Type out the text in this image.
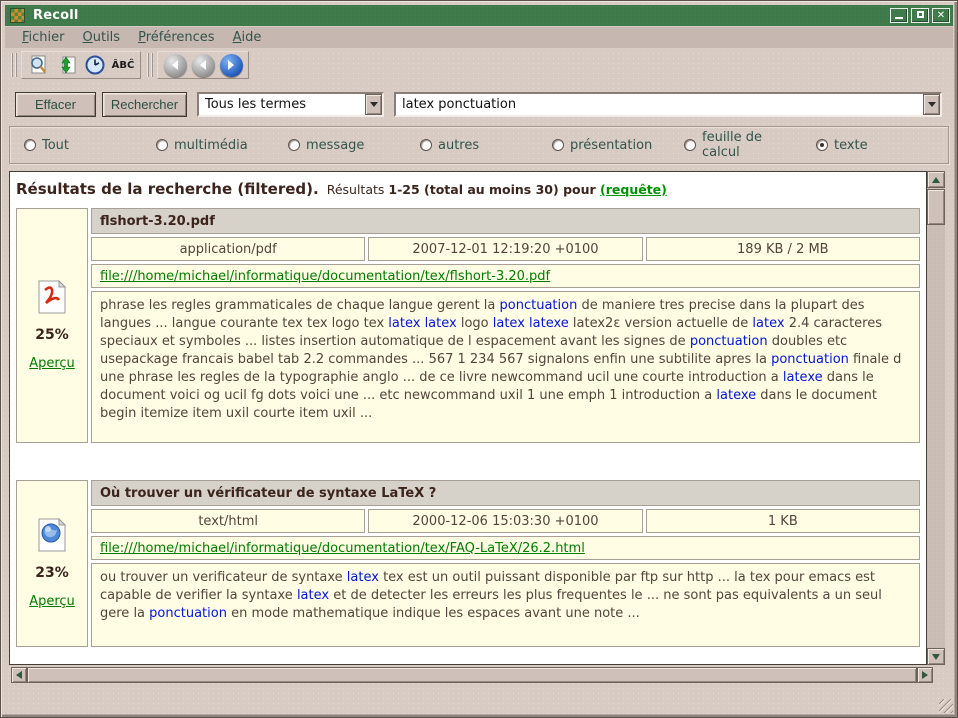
Recoll	✕
Fichier	Outils	Préférences	Aide
ÂBĈ
Effacer	Rechercher	Tous les termes	latex ponctuation
Tout	multimédia	message	autres	présentation	feuille de calcul	texte
Résultats de la recherche (filtered). Résultats 1-25 (total au moins 30) pour (requête)
25%
Aperçu
flshort-3.20.pdf
application/pdf	2007-12-01 12:19:20 +0100	189 KB / 2 MB
file:///home/michael/informatique/documentation/tex/flshort-3.20.pdf
phrase les regles grammaticales de chaque langue gerent la ponctuation de maniere tres precise dans la plupart des langues ... langue courante tex tex logo tex latex latex logo latex latexe latex2ε version actuelle de latex 2.4 caracteres speciaux et symboles ... listes insertion automatique de l espacement avant les signes de ponctuation doubles etc usepackage francais babel tab 2.2 commandes ... 567 1 234 567 signalons enfin une subtilite apres la ponctuation finale d une phrase les regles de la typographie anglo ... de ce livre newcommand ucil une courte introduction a latexe dans le document voici og ucil fg dots voici une ... etc newcommand uxil 1 une emph 1 introduction a latexe dans le document begin itemize item uxil courte item uxil ...
23%
Aperçu
Où trouver un vérificateur de syntaxe LaTeX ?
text/html	2000-12-06 15:03:30 +0100	1 KB
file:///home/michael/informatique/documentation/tex/FAQ-LaTeX/26.2.html
ou trouver un verificateur de syntaxe latex tex est un outil puissant disponible par ftp sur http ... la tex pour emacs est capable de verifier la syntaxe latex et de detecter les erreurs les plus frequentes le ... ne sont pas equivalents a un seul gere la ponctuation en mode mathematique indique les espaces avant une note ...
